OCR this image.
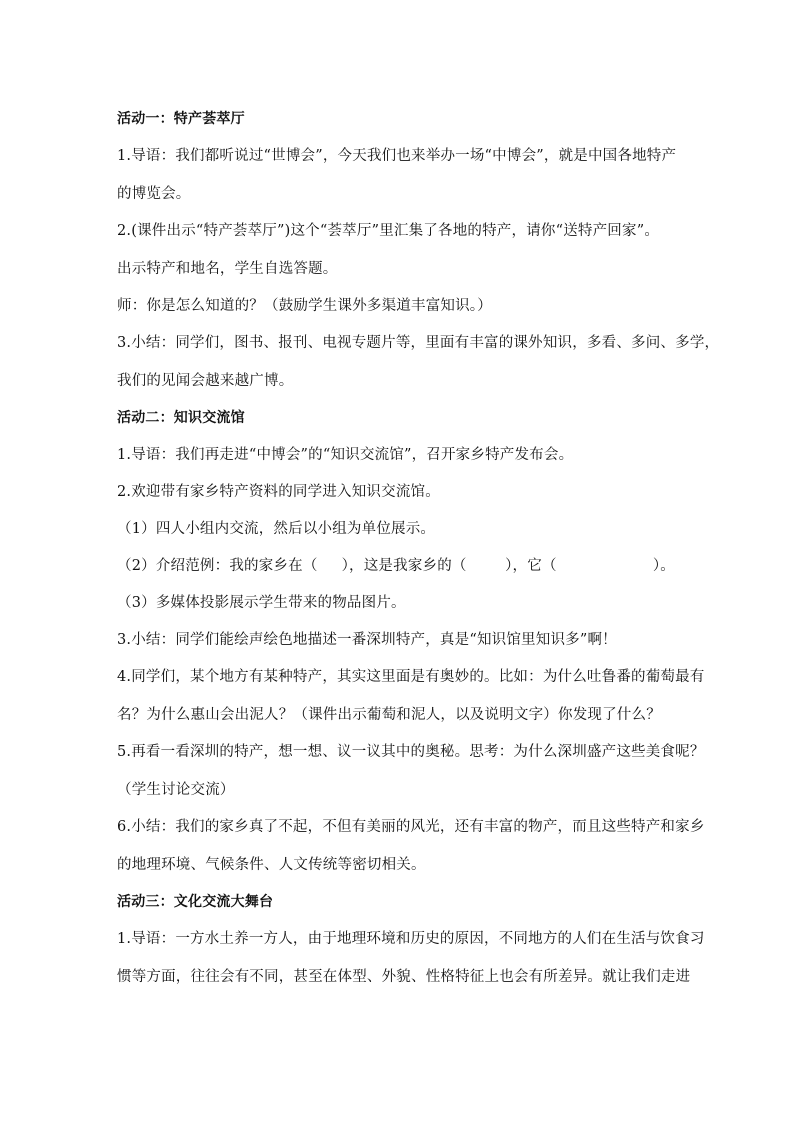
活动一：特产荟萃厅

1.导语：我们都听说过“世博会”，今天我们也来举办一场“中博会”，就是中国各地特产

的博览会。

2.(课件出示“特产荟萃厅”)这个“荟萃厅”里汇集了各地的特产，请你“送特产回家”。

出示特产和地名，学生自选答题。

师：你是怎么知道的？（鼓励学生课外多渠道丰富知识。）

3.小结：同学们，图书、报刊、电视专题片等，里面有丰富的课外知识，多看、多问、多学，

我们的见闻会越来越广博。

活动二：知识交流馆

1.导语：我们再走进“中博会”的“知识交流馆”，召开家乡特产发布会。

2.欢迎带有家乡特产资料的同学进入知识交流馆。

（1）四人小组内交流，然后以小组为单位展示。

（2）介绍范例：我的家乡在（     ），这是我家乡的（        ），它（                    ）。

（3）多媒体投影展示学生带来的物品图片。

3.小结：同学们能绘声绘色地描述一番深圳特产，真是“知识馆里知识多”啊！

4.同学们，某个地方有某种特产，其实这里面是有奥妙的。比如：为什么吐鲁番的葡萄最有

名？为什么惠山会出泥人？（课件出示葡萄和泥人，以及说明文字）你发现了什么？

5.再看一看深圳的特产，想一想、议一议其中的奥秘。思考：为什么深圳盛产这些美食呢？

（学生讨论交流）

6.小结：我们的家乡真了不起，不但有美丽的风光，还有丰富的物产，而且这些特产和家乡

的地理环境、气候条件、人文传统等密切相关。

活动三：文化交流大舞台

1.导语：一方水土养一方人，由于地理环境和历史的原因，不同地方的人们在生活与饮食习

惯等方面，往往会有不同，甚至在体型、外貌、性格特征上也会有所差异。就让我们走进
